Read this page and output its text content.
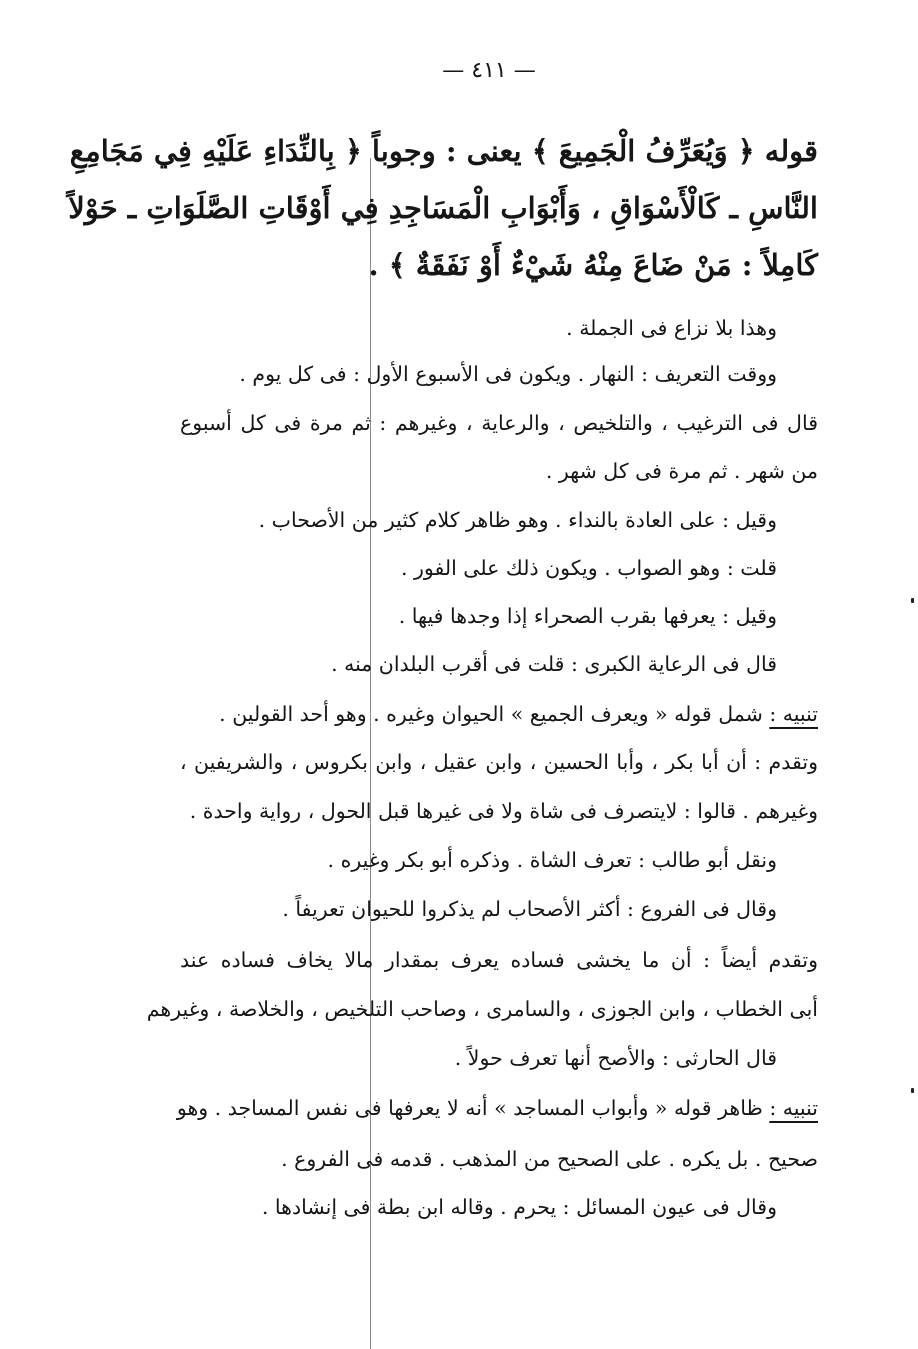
— ٤١١ —
قوله ﴿ وَيُعَرِّفُ الْجَمِيعَ ﴾ يعنى : وجوباً ﴿ بِالنِّدَاءِ عَلَيْهِ فِي مَجَامِعِ
النَّاسِ ـ كَالْأَسْوَاقِ ، وَأَبْوَابِ الْمَسَاجِدِ فِي أَوْقَاتِ الصَّلَوَاتِ ـ حَوْلاً
كَامِلاً : مَنْ ضَاعَ مِنْهُ شَيْءٌ أَوْ نَفَقَةٌ ﴾ .
وهذا بلا نزاع فى الجملة .
ووقت التعريف : النهار . ويكون فى الأسبوع الأول : فى كل يوم .
قال فى الترغيب ، والتلخيص ، والرعاية ، وغيرهم : ثم مرة فى كل أسبوع
من شهر . ثم مرة فى كل شهر .
وقيل : على العادة بالنداء . وهو ظاهر كلام كثير من الأصحاب .
قلت : وهو الصواب . ويكون ذلك على الفور .
وقيل : يعرفها بقرب الصحراء إذا وجدها فيها .
قال فى الرعاية الكبرى : قلت فى أقرب البلدان منه .
تنبيه : شمل قوله « ويعرف الجميع » الحيوان وغيره . وهو أحد القولين .
وتقدم : أن أبا بكر ، وأبا الحسين ، وابن عقيل ، وابن بكروس ، والشريفين ،
وغيرهم . قالوا : لايتصرف فى شاة ولا فى غيرها قبل الحول ، رواية واحدة .
ونقل أبو طالب : تعرف الشاة . وذكره أبو بكر وغيره .
وقال فى الفروع : أكثر الأصحاب لم يذكروا للحيوان تعريفاً .
وتقدم أيضاً : أن ما يخشى فساده يعرف بمقدار مالا يخاف فساده عند
أبى الخطاب ، وابن الجوزى ، والسامرى ، وصاحب التلخيص ، والخلاصة ، وغيرهم
قال الحارثى : والأصح أنها تعرف حولاً .
تنبيه : ظاهر قوله « وأبواب المساجد » أنه لا يعرفها فى نفس المساجد . وهو
صحيح . بل يكره . على الصحيح من المذهب . قدمه فى الفروع .
وقال فى عيون المسائل : يحرم . وقاله ابن بطة فى إنشادها .
